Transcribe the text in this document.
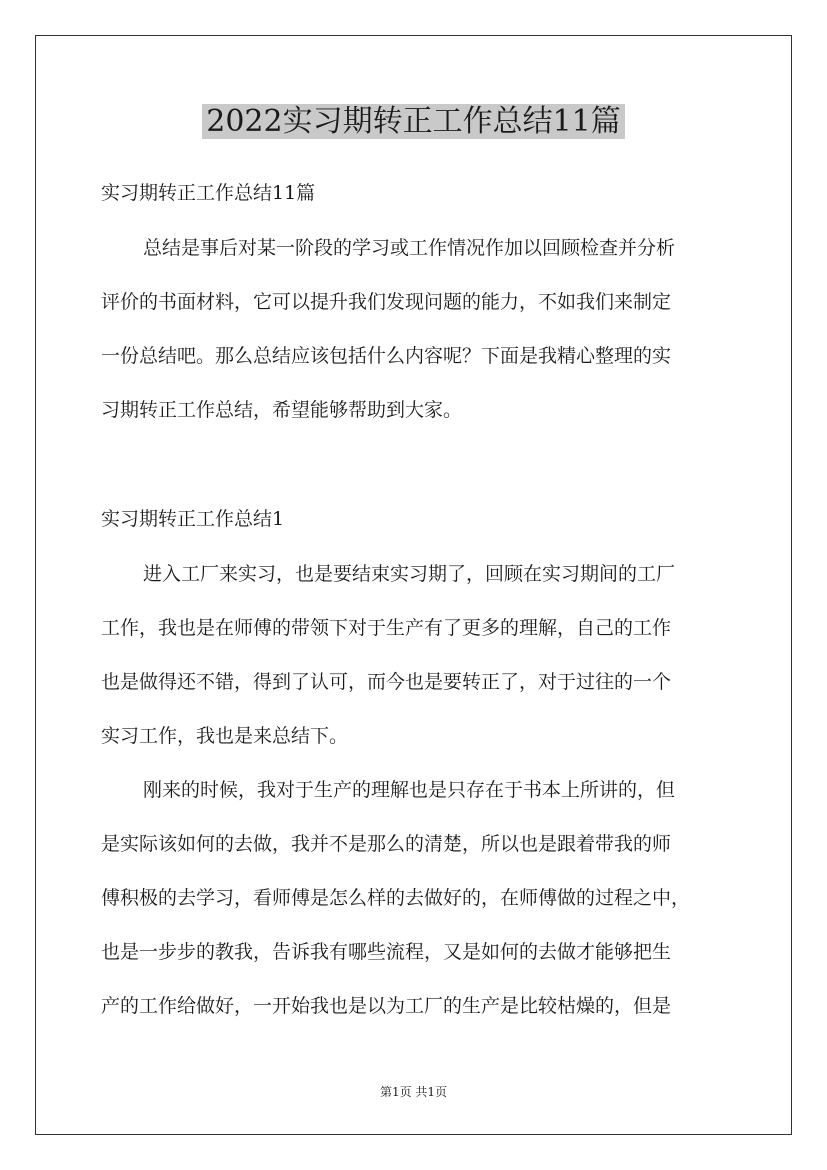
2022实习期转正工作总结11篇
实习期转正工作总结11篇
总结是事后对某一阶段的学习或工作情况作加以回顾检查并分析
评价的书面材料，它可以提升我们发现问题的能力，不如我们来制定
一份总结吧。那么总结应该包括什么内容呢？下面是我精心整理的实
习期转正工作总结，希望能够帮助到大家。
实习期转正工作总结1
进入工厂来实习，也是要结束实习期了，回顾在实习期间的工厂
工作，我也是在师傅的带领下对于生产有了更多的理解，自己的工作
也是做得还不错，得到了认可，而今也是要转正了，对于过往的一个
实习工作，我也是来总结下。
刚来的时候，我对于生产的理解也是只存在于书本上所讲的，但
是实际该如何的去做，我并不是那么的清楚，所以也是跟着带我的师
傅积极的去学习，看师傅是怎么样的去做好的，在师傅做的过程之中，
也是一步步的教我，告诉我有哪些流程，又是如何的去做才能够把生
产的工作给做好，一开始我也是以为工厂的生产是比较枯燥的，但是
第1页 共1页
